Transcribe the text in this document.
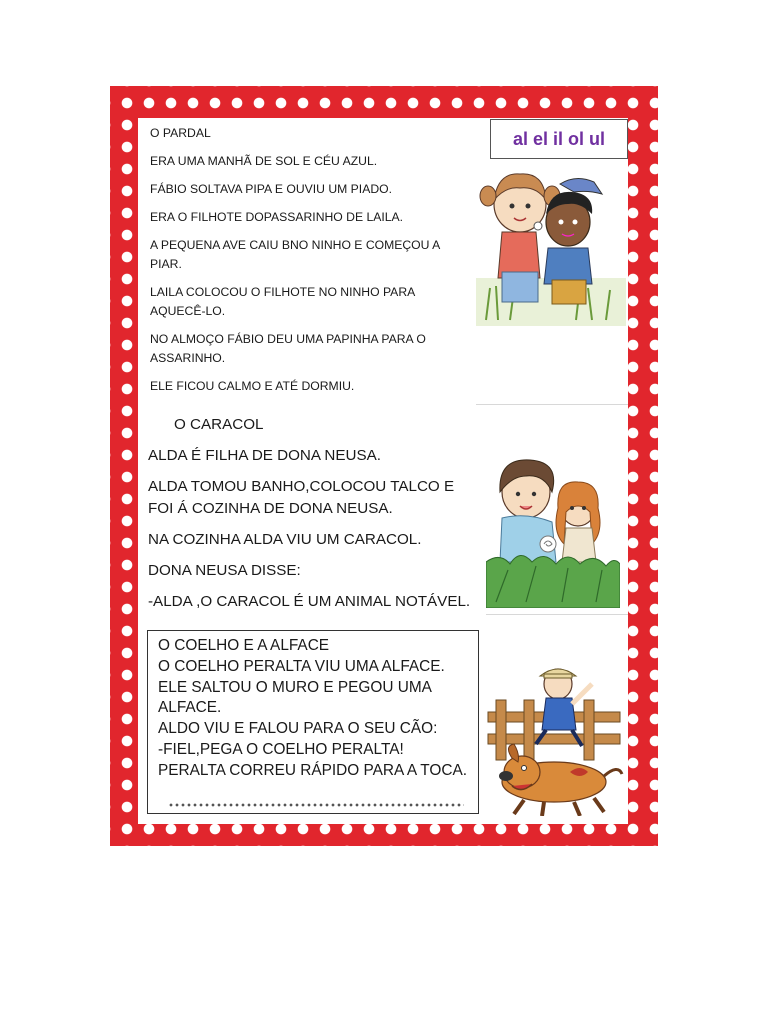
al el il ol ul

O PARDAL

ERA UMA MANHÃ DE SOL E CÉU AZUL.

FÁBIO SOLTAVA PIPA E OUVIU UM PIADO.

ERA O FILHOTE DOPASSARINHO DE LAILA.

A PEQUENA AVE CAIU BNO NINHO E COMEÇOU A PIAR.

LAILA COLOCOU O FILHOTE NO NINHO PARA AQUECÊ-LO.

NO ALMOÇO FÁBIO DEU UMA PAPINHA PARA O ASSARINHO.

ELE FICOU CALMO E ATÉ DORMIU.

O CARACOL

ALDA É FILHA DE DONA NEUSA.

ALDA TOMOU BANHO,COLOCOU TALCO E FOI Á COZINHA DE DONA NEUSA.

NA COZINHA ALDA VIU UM CARACOL.

DONA NEUSA DISSE:

-ALDA ,O CARACOL É UM ANIMAL NOTÁVEL.

O COELHO E A ALFACE

O COELHO PERALTA VIU UMA ALFACE.

ELE SALTOU O MURO E PEGOU UMA ALFACE.

ALDO VIU E FALOU PARA O SEU CÃO:

-FIEL,PEGA O COELHO PERALTA!

PERALTA CORREU RÁPIDO PARA A TOCA.
